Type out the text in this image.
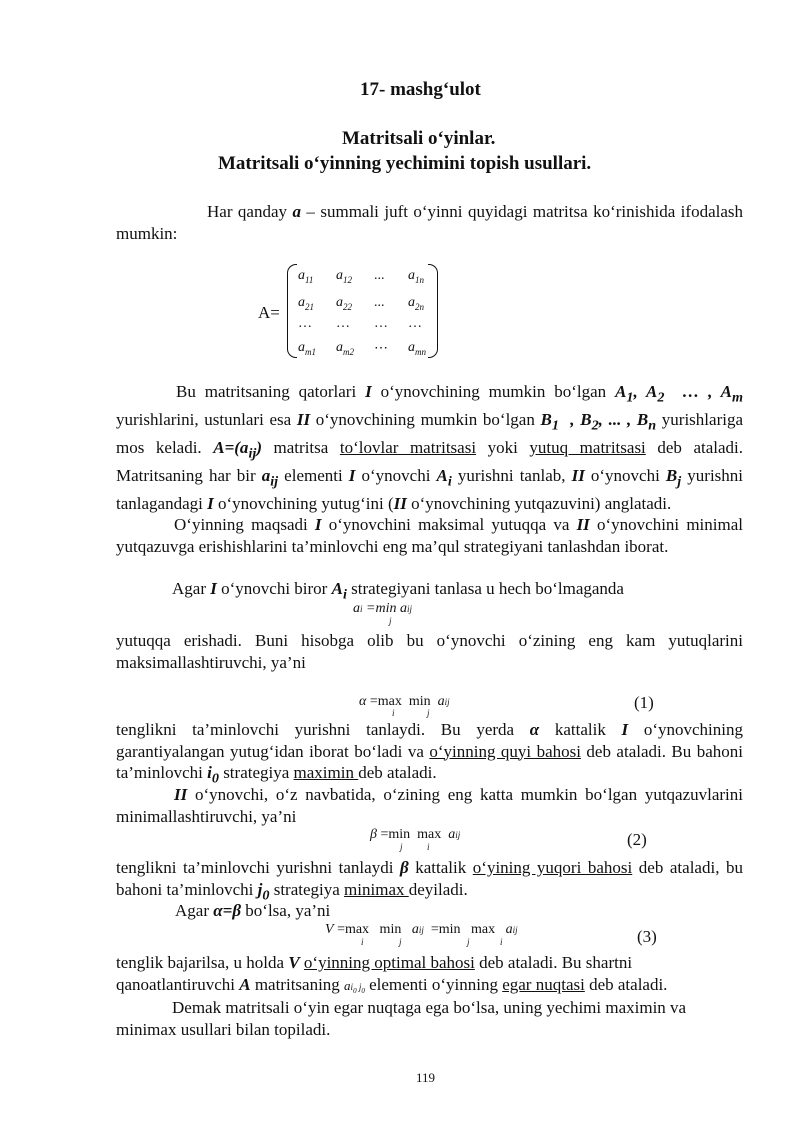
17- mashg‘ulot
Matritsali o‘yinlar.
Matritsali o‘yinning yechimini topish usullari.
Har qanday a – summali juft o‘yinni quyidagi matritsa ko‘rinishida ifodalash mumkin:
A=
$a_{11}$ $a_{12}$ ... $a_{1n}$
$a_{21}$ $a_{22}$ ... $a_{2n}$
… … … …
$a_{m1}$ $a_{m2}$ ⋯ $a_{mn}$
Bu matritsaning qatorlari I o‘ynovchining mumkin bo‘lgan $A_1$, $A_2$  … , $A_m$ yurishlarini, ustunlari esa II o‘ynovchining mumkin bo‘lgan $B_1$  , $B_2$, ... , $B_n$ yurishlariga mos keladi. $A=(a_{ij})$ matritsa to‘lovlar matritsasi yoki yutuq matritsasi deb ataladi. Matritsaning har bir $a_{ij}$ elementi I o‘ynovchi $A_i$ yurishni tanlab, II o‘ynovchi $B_j$ yurishni tanlagandagi I o‘ynovchining yutug‘ini (II o‘ynovchining yutqazuvini) anglatadi.
O‘yinning maqsadi I o‘ynovchini maksimal yutuqqa va II o‘ynovchini minimal yutqazuvga erishishlarini ta’minlovchi eng ma’qul strategiyani tanlashdan iborat.
Agar I o‘ynovchi biror $A_i$ strategiyani tanlasa u hech bo‘lmaganda
ai =min aij
j
yutuqqa erishadi. Buni hisobga olib bu o‘ynovchi o‘zining eng kam yutuqlarini maksimallashtiruvchi, ya’ni
α =max  min  aij
i	j
(1)
tenglikni ta’minlovchi yurishni tanlaydi. Bu yerda α kattalik I o‘ynovchining garantiyalangan yutug‘idan iborat bo‘ladi va o‘yinning quyi bahosi deb ataladi. Bu bahoni ta’minlovchi $i_0$ strategiya maximin deb ataladi.
II o‘ynovchi, o‘z navbatida, o‘zining eng katta mumkin bo‘lgan yutqazuvlarini minimallashtiruvchi, ya’ni
β =min  max  aij
j	i	(2)
tenglikni ta’minlovchi yurishni tanlaydi β kattalik o‘yining yuqori bahosi deb ataladi, bu bahoni ta’minlovchi $j_0$ strategiya minimax deyiladi.
Agar α=β bo‘lsa, ya’ni
V =max   min   aij  =min   max   aij
i	j	j	i	(3)
tenglik bajarilsa, u holda V o‘yinning optimal bahosi deb ataladi. Bu shartni qanoatlantiruvchi A matritsaning $ai_0$ $j_0$ elementi o‘yinning egar nuqtasi deb ataladi.
Demak matritsali o‘yin egar nuqtaga ega bo‘lsa, uning yechimi maximin va minimax usullari bilan topiladi.
119
